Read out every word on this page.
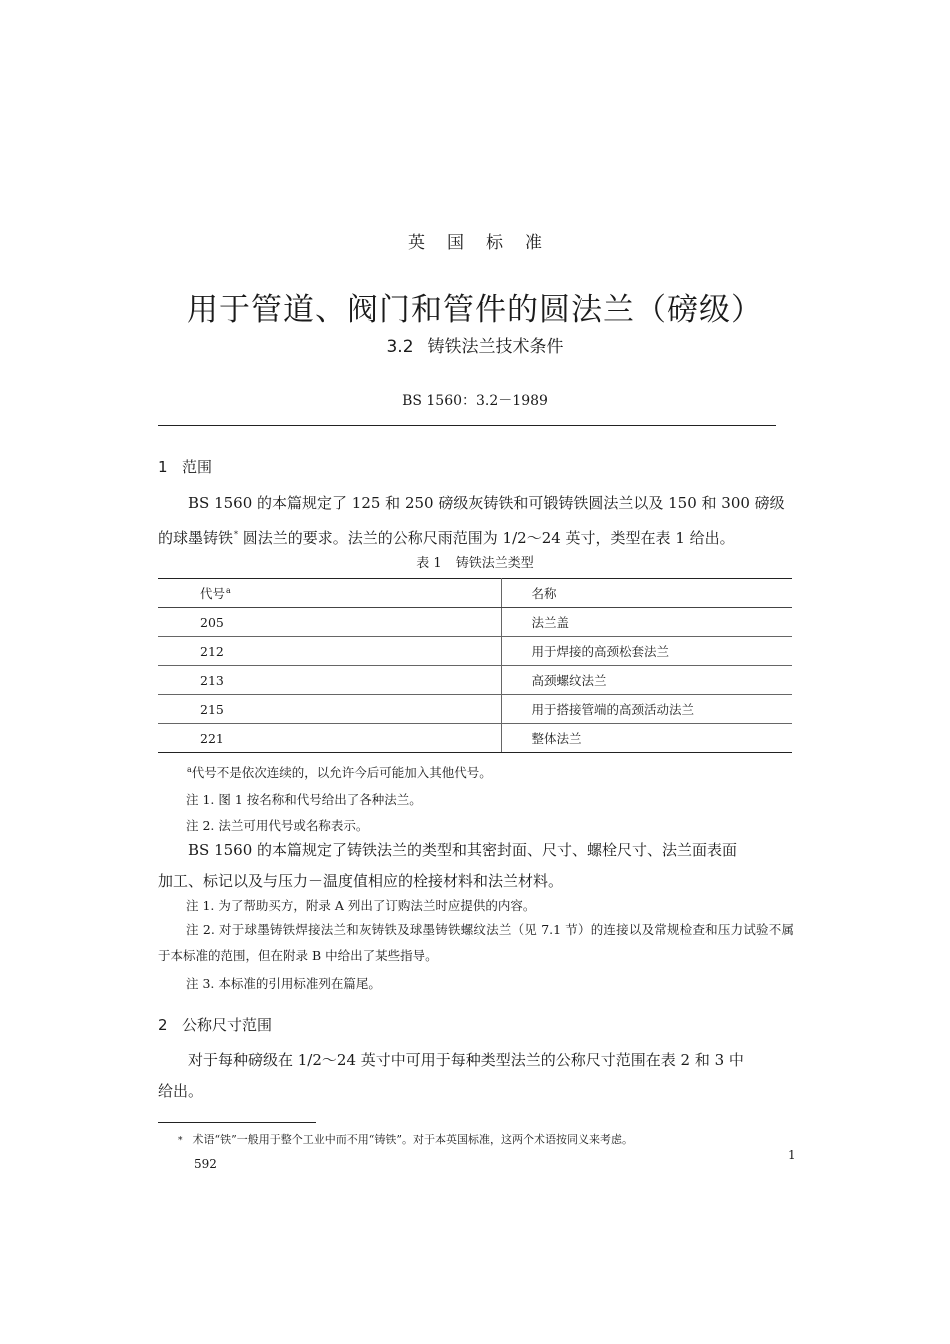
英 国 标 准
用于管道、阀门和管件的圆法兰（磅级）
3.2 铸铁法兰技术条件
BS 1560：3.2－1989
1 范围
BS 1560 的本篇规定了 125 和 250 磅级灰铸铁和可锻铸铁圆法兰以及 150 和 300 磅级
的球墨铸铁* 圆法兰的要求。法兰的公称尺雨范围为 1/2～24 英寸，类型在表 1 给出。
表 1 铸铁法兰类型
代号$^a$	名称
205	法兰盖
212	用于焊接的高颈松套法兰
213	高颈螺纹法兰
215	用于搭接管端的高颈活动法兰
221	整体法兰
$^a$代号不是依次连续的，以允许今后可能加入其他代号。
注 1. 图 1 按名称和代号给出了各种法兰。
注 2. 法兰可用代号或名称表示。
BS 1560 的本篇规定了铸铁法兰的类型和其密封面、尺寸、螺栓尺寸、法兰面表面
加工、标记以及与压力－温度值相应的栓接材料和法兰材料。
注 1. 为了帮助买方，附录 A 列出了订购法兰时应提供的内容。
注 2. 对于球墨铸铁焊接法兰和灰铸铁及球墨铸铁螺纹法兰（见 7.1 节）的连接以及常规检查和压力试验不属于本标准的范围，但在附录 B 中给出了某些指导。
注 3. 本标准的引用标准列在篇尾。
2 公称尺寸范围
对于每种磅级在 1/2～24 英寸中可用于每种类型法兰的公称尺寸范围在表 2 和 3 中
给出。
* 术语“铁”一般用于整个工业中而不用“铸铁”。对于本英国标准，这两个术语按同义来考虑。
1
592
